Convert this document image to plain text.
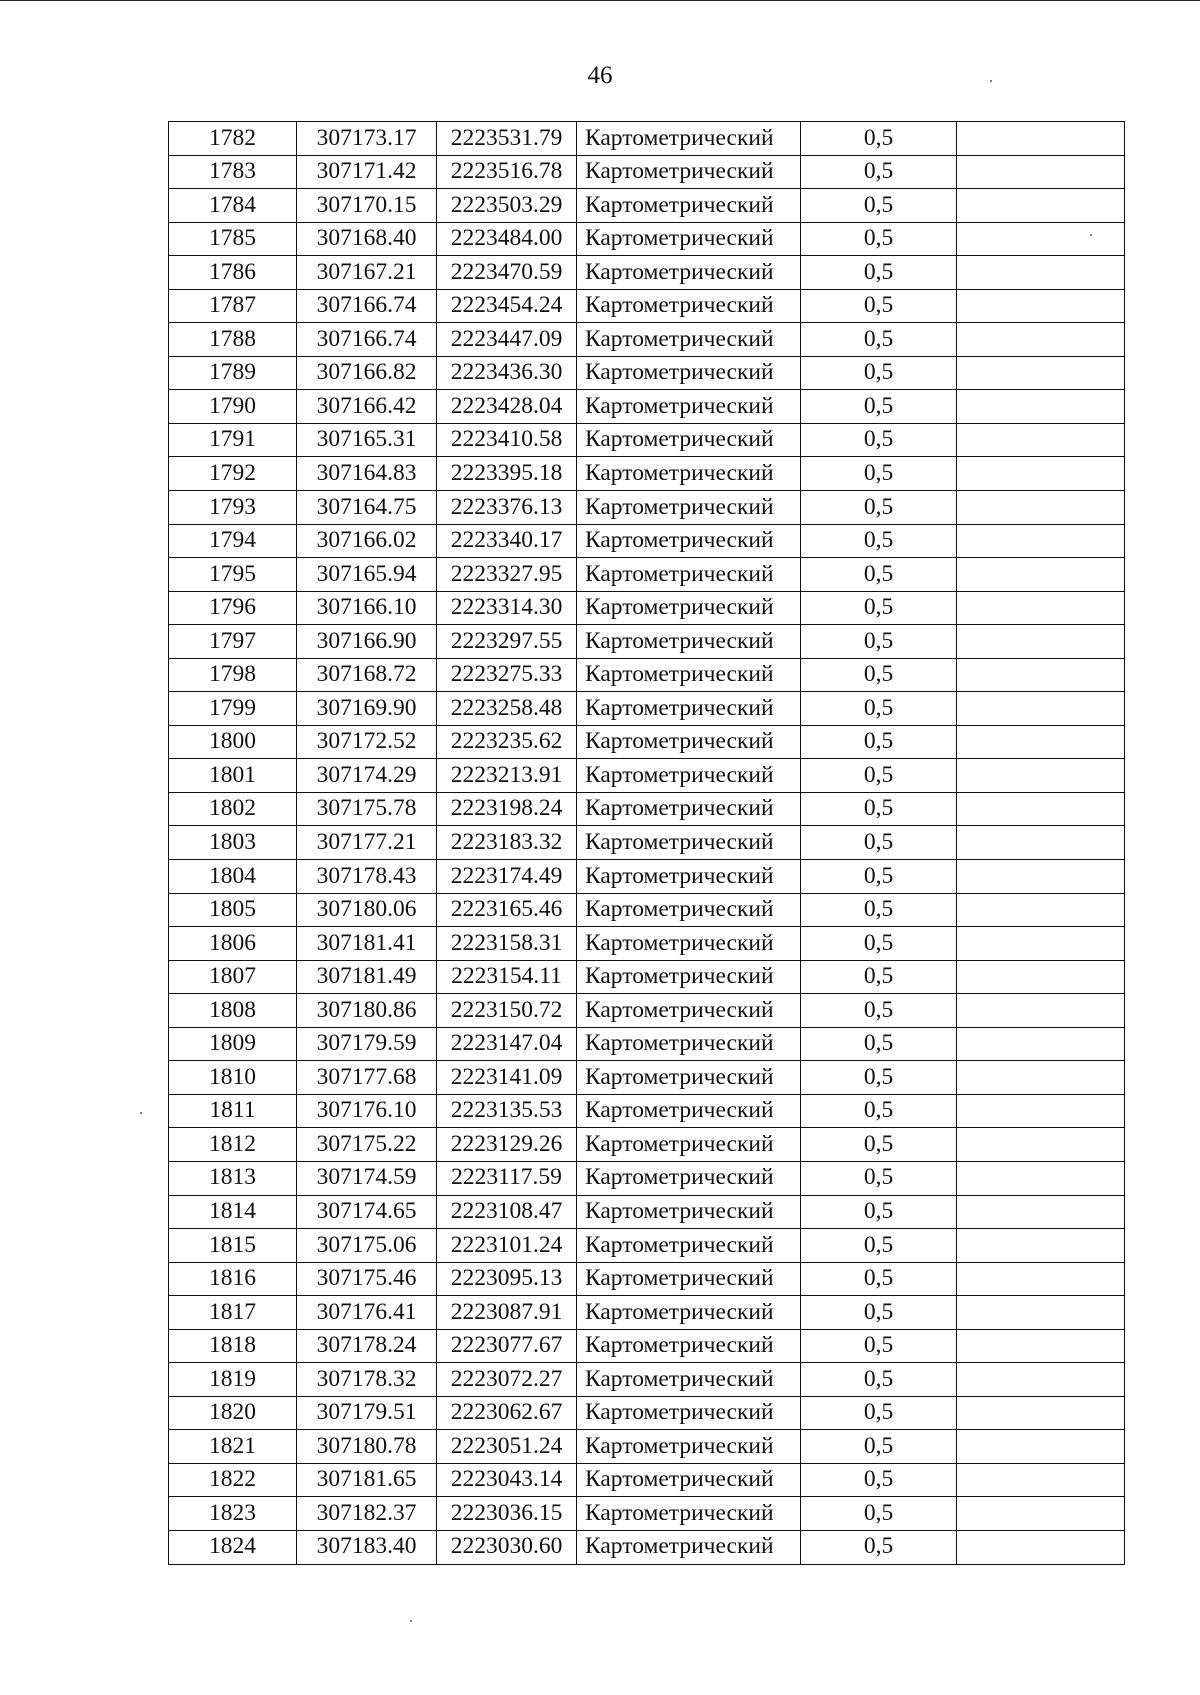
46
1782	307173.17	2223531.79	Картометрический	0,5	
1783	307171.42	2223516.78	Картометрический	0,5	
1784	307170.15	2223503.29	Картометрический	0,5	
1785	307168.40	2223484.00	Картометрический	0,5	
1786	307167.21	2223470.59	Картометрический	0,5	
1787	307166.74	2223454.24	Картометрический	0,5	
1788	307166.74	2223447.09	Картометрический	0,5	
1789	307166.82	2223436.30	Картометрический	0,5	
1790	307166.42	2223428.04	Картометрический	0,5	
1791	307165.31	2223410.58	Картометрический	0,5	
1792	307164.83	2223395.18	Картометрический	0,5	
1793	307164.75	2223376.13	Картометрический	0,5	
1794	307166.02	2223340.17	Картометрический	0,5	
1795	307165.94	2223327.95	Картометрический	0,5	
1796	307166.10	2223314.30	Картометрический	0,5	
1797	307166.90	2223297.55	Картометрический	0,5	
1798	307168.72	2223275.33	Картометрический	0,5	
1799	307169.90	2223258.48	Картометрический	0,5	
1800	307172.52	2223235.62	Картометрический	0,5	
1801	307174.29	2223213.91	Картометрический	0,5	
1802	307175.78	2223198.24	Картометрический	0,5	
1803	307177.21	2223183.32	Картометрический	0,5	
1804	307178.43	2223174.49	Картометрический	0,5	
1805	307180.06	2223165.46	Картометрический	0,5	
1806	307181.41	2223158.31	Картометрический	0,5	
1807	307181.49	2223154.11	Картометрический	0,5	
1808	307180.86	2223150.72	Картометрический	0,5	
1809	307179.59	2223147.04	Картометрический	0,5	
1810	307177.68	2223141.09	Картометрический	0,5	
1811	307176.10	2223135.53	Картометрический	0,5	
1812	307175.22	2223129.26	Картометрический	0,5	
1813	307174.59	2223117.59	Картометрический	0,5	
1814	307174.65	2223108.47	Картометрический	0,5	
1815	307175.06	2223101.24	Картометрический	0,5	
1816	307175.46	2223095.13	Картометрический	0,5	
1817	307176.41	2223087.91	Картометрический	0,5	
1818	307178.24	2223077.67	Картометрический	0,5	
1819	307178.32	2223072.27	Картометрический	0,5	
1820	307179.51	2223062.67	Картометрический	0,5	
1821	307180.78	2223051.24	Картометрический	0,5	
1822	307181.65	2223043.14	Картометрический	0,5	
1823	307182.37	2223036.15	Картометрический	0,5	
1824	307183.40	2223030.60	Картометрический	0,5	
